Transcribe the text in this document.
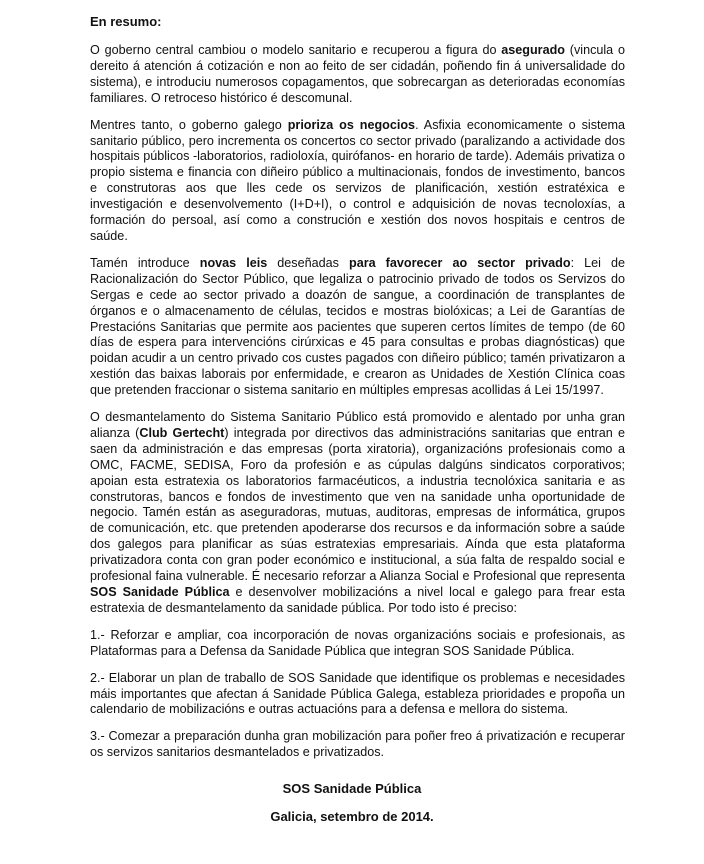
En resumo:

O goberno central cambiou o modelo sanitario e recuperou a figura do asegurado (vincula o dereito á atención á cotización e non ao feito de ser cidadán, poñendo fin á universalidade do sistema), e introduciu numerosos copagamentos, que sobrecargan as deterioradas economías familiares. O retroceso histórico é descomunal.

Mentres tanto, o goberno galego prioriza os negocios. Asfixia economicamente o sistema sanitario público, pero incrementa os concertos co sector privado (paralizando a actividade dos hospitais públicos -laboratorios, radioloxía, quirófanos- en horario de tarde). Ademáis privatiza o propio sistema e financia con diñeiro público a multinacionais, fondos de investimento, bancos e construtoras aos que lles cede os servizos de planificación, xestión estratéxica e investigación e desenvolvemento (I+D+I), o control e adquisición de novas tecnoloxías, a formación do persoal, así como a construción e xestión dos novos hospitais e centros de saúde.

Tamén introduce novas leis deseñadas para favorecer ao sector privado: Lei de Racionalización do Sector Público, que legaliza o patrocinio privado de todos os Servizos do Sergas e cede ao sector privado a doazón de sangue, a coordinación de transplantes de órganos e o almacenamento de células, tecidos e mostras biolóxicas; a Lei de Garantías de Prestacións Sanitarias que permite aos pacientes que superen certos límites de tempo (de 60 días de espera para intervencións cirúrxicas e 45 para consultas e probas diagnósticas) que poidan acudir a un centro privado cos custes pagados con diñeiro público; tamén privatizaron a xestión das baixas laborais por enfermidade, e crearon as Unidades de Xestión Clínica coas que pretenden fraccionar o sistema sanitario en múltiples empresas acollidas á Lei 15/1997.

O desmantelamento do Sistema Sanitario Público está promovido e alentado por unha gran alianza (Club Gertecht) integrada por directivos das administracións sanitarias que entran e saen da administración e das empresas (porta xiratoria), organizacións profesionais como a OMC, FACME, SEDISA, Foro da profesión e as cúpulas dalgúns sindicatos corporativos; apoian esta estratexia os laboratorios farmacéuticos, a industria tecnolóxica sanitaria e as construtoras, bancos e fondos de investimento que ven na sanidade unha oportunidade de negocio. Tamén están as aseguradoras, mutuas, auditoras, empresas de informática, grupos de comunicación, etc. que pretenden apoderarse dos recursos e da información sobre a saúde dos galegos para planificar as súas estratexias empresariais. Aínda que esta plataforma privatizadora conta con gran poder económico e institucional, a súa falta de respaldo social e profesional faina vulnerable. É necesario reforzar a Alianza Social e Profesional que representa SOS Sanidade Pública e desenvolver mobilizacións a nivel local e galego para frear esta estratexia de desmantelamento da sanidade pública. Por todo isto é preciso:

1.- Reforzar e ampliar, coa incorporación de novas organizacións sociais e profesionais, as Plataformas para a Defensa da Sanidade Pública que integran SOS Sanidade Pública.

2.- Elaborar un plan de traballo de SOS Sanidade que identifique os problemas e necesidades máis importantes que afectan á Sanidade Pública Galega, estableza prioridades e propoña un calendario de mobilizacións e outras actuacións para a defensa e mellora do sistema.

3.- Comezar a preparación dunha gran mobilización para poñer freo á privatización e recuperar os servizos sanitarios desmantelados e privatizados.

SOS Sanidade Pública
Galicia, setembro de 2014.
